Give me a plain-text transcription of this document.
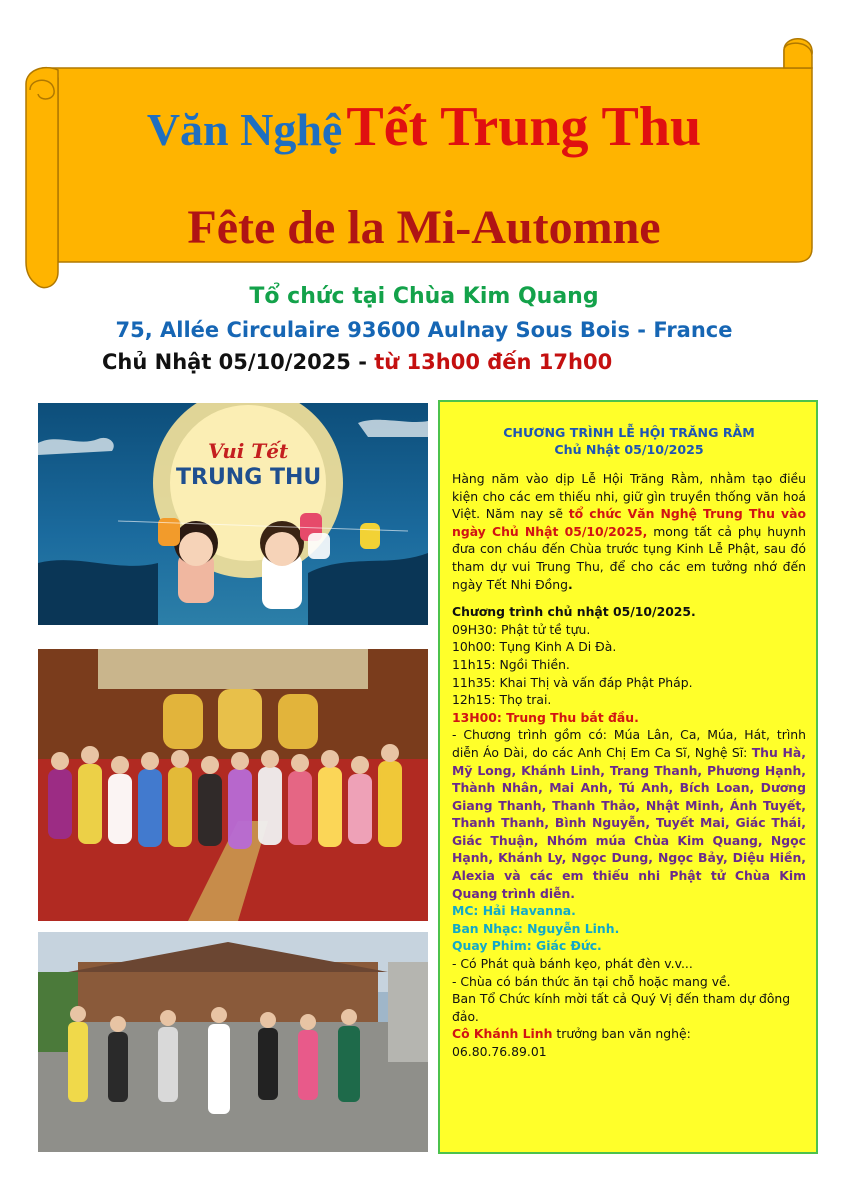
Văn Nghệ Tết Trung Thu
Fête de la Mi-Automne
Tổ chức tại Chùa Kim Quang
75, Allée Circulaire 93600 Aulnay Sous Bois - France
Chủ Nhật 05/10/2025 - từ 13h00 đến 17h00
Vui Tết
TRUNG THU
CHƯƠNG TRÌNH LỄ HỘI TRĂNG RẰM
Chủ Nhật 05/10/2025
Hàng năm vào dịp Lễ Hội Trăng Rằm, nhằm tạo điều kiện cho các em thiếu nhi, giữ gìn truyền thống văn hoá Việt. Năm nay sẽ tổ chức Văn Nghệ Trung Thu vào ngày Chủ Nhật 05/10/2025, mong tất cả phụ huynh đưa con cháu đến Chùa trước tụng Kinh Lễ Phật, sau đó tham dự vui Trung Thu, để cho các em tưởng nhớ đến ngày Tết Nhi Đồng.
Chương trình chủ nhật 05/10/2025.
09H30: Phật tử tề tựu.
10h00: Tụng Kinh A Di Đà.
11h15: Ngồi Thiền.
11h35: Khai Thị và vấn đáp Phật Pháp.
12h15: Thọ trai.
13H00: Trung Thu bắt đầu.
- Chương trình gồm có: Múa Lân, Ca, Múa, Hát, trình diễn Áo Dài, do các Anh Chị Em Ca Sĩ, Nghệ Sĩ: Thu Hà, Mỹ Long, Khánh Linh, Trang Thanh, Phương Hạnh, Thành Nhân, Mai Anh, Tú Anh, Bích Loan, Dương Giang Thanh, Thanh Thảo, Nhật Minh, Ánh Tuyết, Thanh Thanh, Bình Nguyễn, Tuyết Mai, Giác Thái, Giác Thuận, Nhóm múa Chùa Kim Quang, Ngọc Hạnh, Khánh Ly, Ngọc Dung, Ngọc Bảy, Diệu Hiền, Alexia và các em thiếu nhi Phật tử Chùa Kim Quang trình diễn.
MC: Hải Havanna.
Ban Nhạc: Nguyễn Linh.
Quay Phim: Giác Đức.
- Có Phát quà bánh kẹo, phát đèn v.v...
- Chùa có bán thức ăn tại chỗ hoặc mang về.
Ban Tổ Chức kính mời tất cả Quý Vị đến tham dự đông đảo.
Cô Khánh Linh trưởng ban văn nghệ:
06.80.76.89.01
